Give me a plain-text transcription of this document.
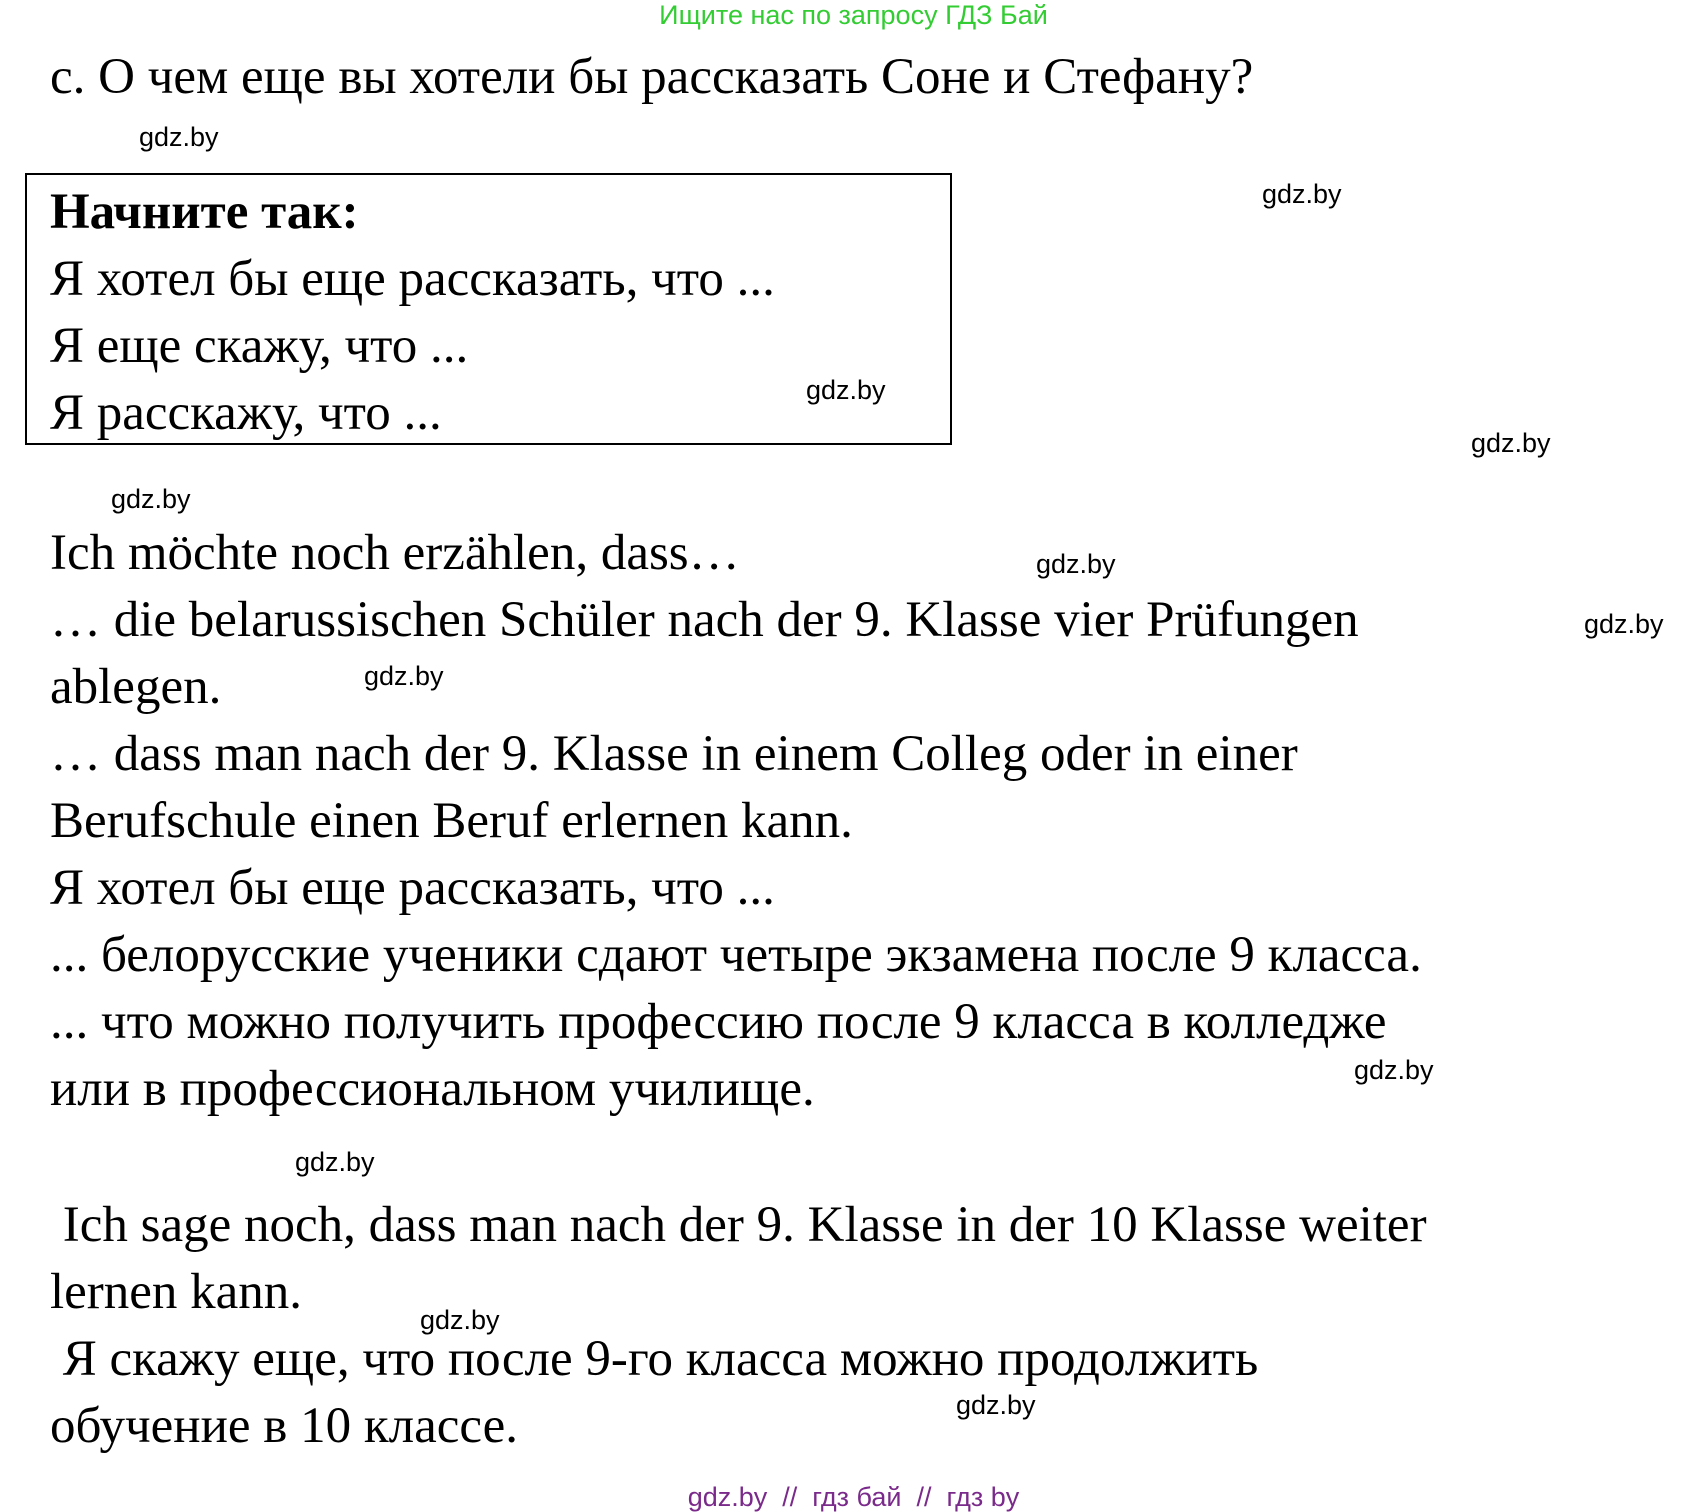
Ищите нас по запросу ГДЗ Бай

c. О чем еще вы хотели бы рассказать Соне и Стефану?

Начните так:

Я хотел бы еще рассказать, что ...

Я еще скажу, что ...

Я расскажу, что ...

Ich möchte noch erzählen, dass…

… die belarussischen Schüler nach der 9. Klasse vier Prüfungen

ablegen.

… dass man nach der 9. Klasse in einem Colleg oder in einer

Berufschule einen Beruf erlernen kann.

Я хотел бы еще рассказать, что ...

... белорусские ученики сдают четыре экзамена после 9 класса.

... что можно получить профессию после 9 класса в колледже

или в профессиональном училище.

Ich sage noch, dass man nach der 9. Klasse in der 10 Klasse weiter

lernen kann.

Я скажу еще, что после 9-го класса можно продолжить

обучение в 10 классе.

gdz.by
gdz.by
gdz.by
gdz.by
gdz.by
gdz.by
gdz.by
gdz.by
gdz.by
gdz.by
gdz.by
gdz.by
gdz.by  //  гдз бай  //  гдз by
